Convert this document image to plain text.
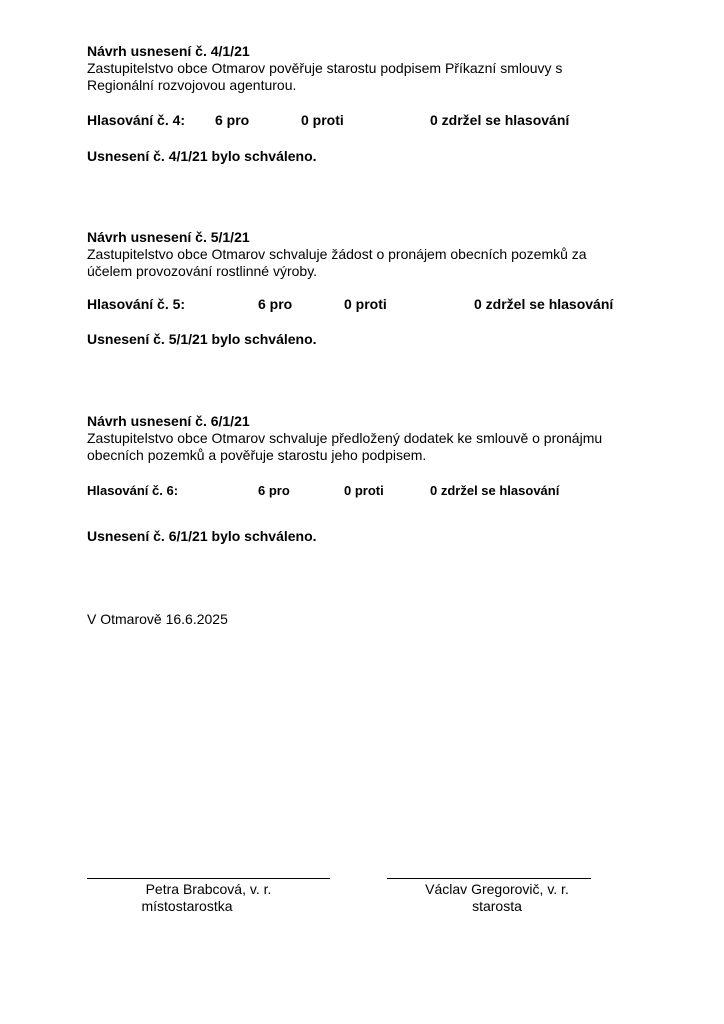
Návrh usnesení č. 4/1/21
Zastupitelstvo obce Otmarov pověřuje starostu podpisem Příkazní smlouvy s
Regionální rozvojovou agenturou.
Hlasování č. 4: 6 pro	0 proti	0 zdržel se hlasování
Usnesení č. 4/1/21 bylo schváleno.
Návrh usnesení č. 5/1/21
Zastupitelstvo obce Otmarov schvaluje žádost o pronájem obecních pozemků za
účelem provozování rostlinné výroby.
Hlasování č. 5:	6 pro	0 proti	0 zdržel se hlasování
Usnesení č. 5/1/21 bylo schváleno.
Návrh usnesení č. 6/1/21
Zastupitelstvo obce Otmarov schvaluje předložený dodatek ke smlouvě o pronájmu
obecních pozemků a pověřuje starostu jeho podpisem.
Hlasování č. 6:	6 pro	0 proti	0 zdržel se hlasování
Usnesení č. 6/1/21 bylo schváleno.
V Otmarově 16.6.2025
Petra Brabcová, v. r.
místostarostka
Václav Gregorovič, v. r.
starosta
